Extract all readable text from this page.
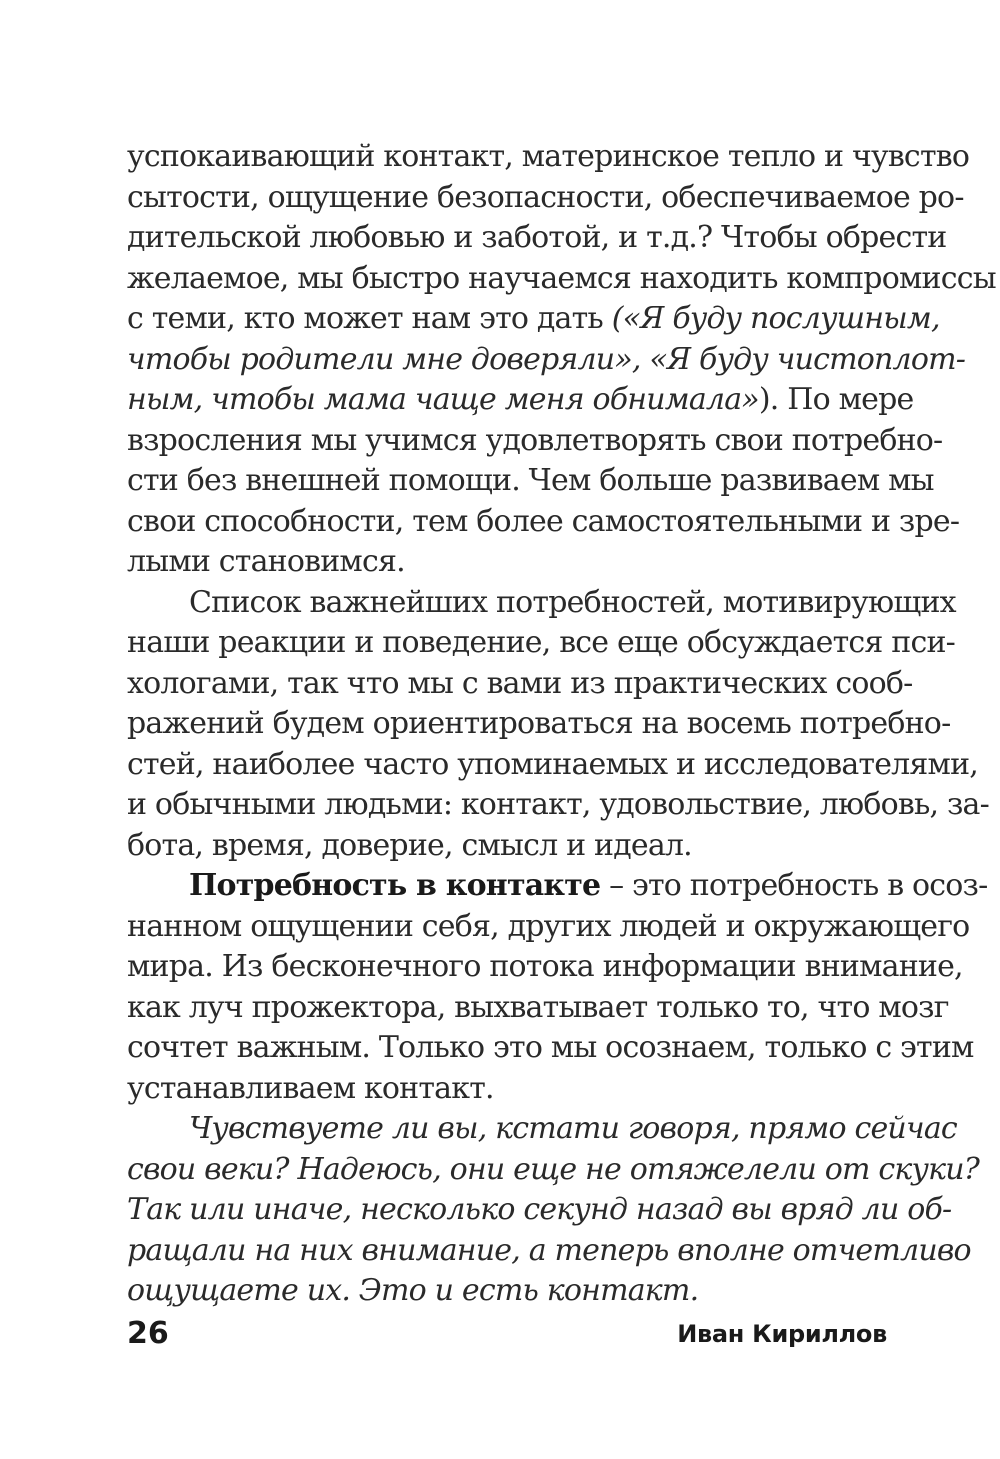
успокаивающий контакт, материнское тепло и чувство
сытости, ощущение безопасности, обеспечиваемое ро-
дительской любовью и заботой, и т.д.? Чтобы обрести
желаемое, мы быстро научаемся находить компромиссы
с теми, кто может нам это дать («Я буду послушным,
чтобы родители мне доверяли», «Я буду чистоплот-
ным, чтобы мама чаще меня обнимала»). По мере
взросления мы учимся удовлетворять свои потребно-
сти без внешней помощи. Чем больше развиваем мы
свои способности, тем более самостоятельными и зре-
лыми становимся.
Список важнейших потребностей, мотивирующих
наши реакции и поведение, все еще обсуждается пси-
хологами, так что мы с вами из практических сооб-
ражений будем ориентироваться на восемь потребно-
стей, наиболее часто упоминаемых и исследователями,
и обычными людьми: контакт, удовольствие, любовь, за-
бота, время, доверие, смысл и идеал.
Потребность в контакте – это потребность в осоз-
нанном ощущении себя, других людей и окружающего
мира. Из бесконечного потока информации внимание,
как луч прожектора, выхватывает только то, что мозг
сочтет важным. Только это мы осознаем, только с этим
устанавливаем контакт.
Чувствуете ли вы, кстати говоря, прямо сейчас
свои веки? Надеюсь, они еще не отяжелели от скуки?
Так или иначе, несколько секунд назад вы вряд ли об-
ращали на них внимание, а теперь вполне отчетливо
ощущаете их. Это и есть контакт.
26	Иван Кириллов
